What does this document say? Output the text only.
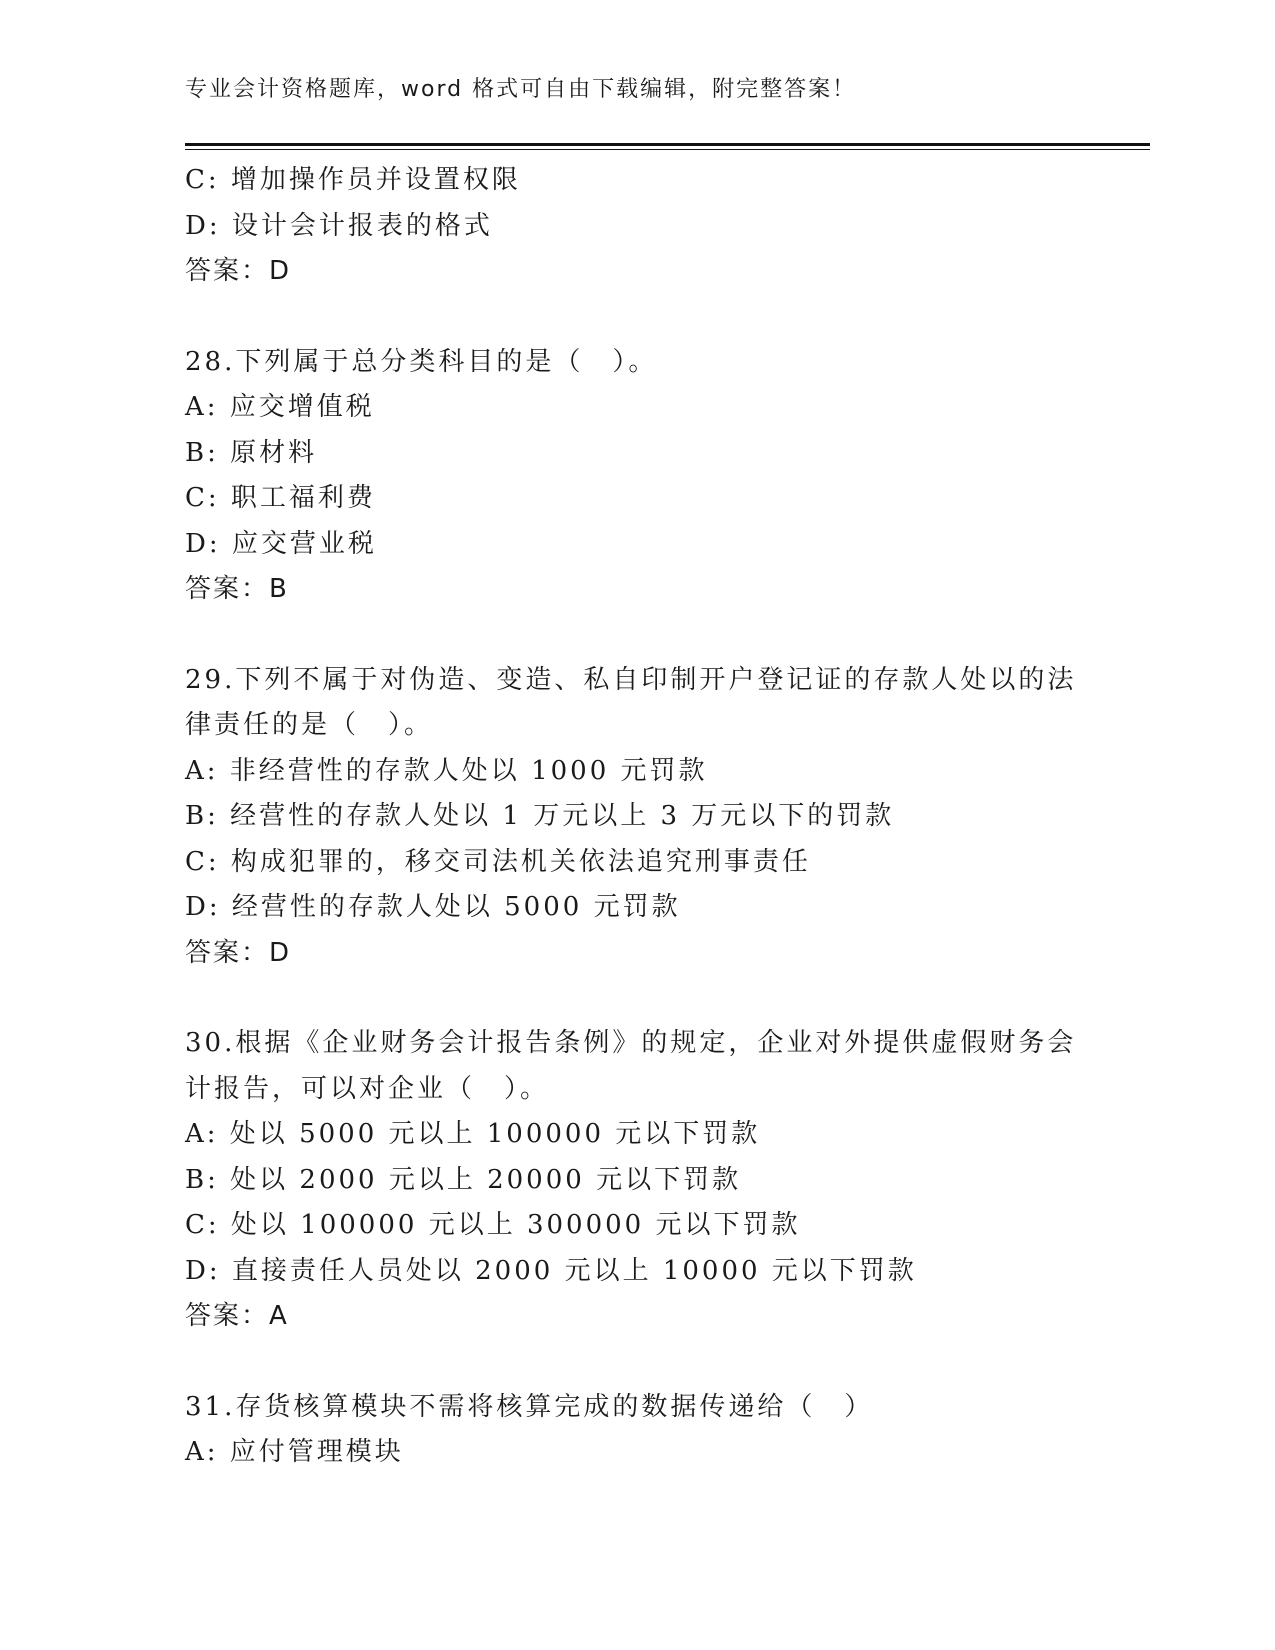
专业会计资格题库，word 格式可自由下载编辑，附完整答案！
C: 增加操作员并设置权限
D: 设计会计报表的格式
答案：D
28.下列属于总分类科目的是（　）。
A: 应交增值税
B: 原材料
C: 职工福利费
D: 应交营业税
答案：B
29.下列不属于对伪造、变造、私自印制开户登记证的存款人处以的法
律责任的是（　）。
A: 非经营性的存款人处以 1000 元罚款
B: 经营性的存款人处以 1 万元以上 3 万元以下的罚款
C: 构成犯罪的，移交司法机关依法追究刑事责任
D: 经营性的存款人处以 5000 元罚款
答案：D
30.根据《企业财务会计报告条例》的规定，企业对外提供虚假财务会
计报告，可以对企业（　）。
A: 处以 5000 元以上 100000 元以下罚款
B: 处以 2000 元以上 20000 元以下罚款
C: 处以 100000 元以上 300000 元以下罚款
D: 直接责任人员处以 2000 元以上 10000 元以下罚款
答案：A
31.存货核算模块不需将核算完成的数据传递给（　）
A: 应付管理模块
